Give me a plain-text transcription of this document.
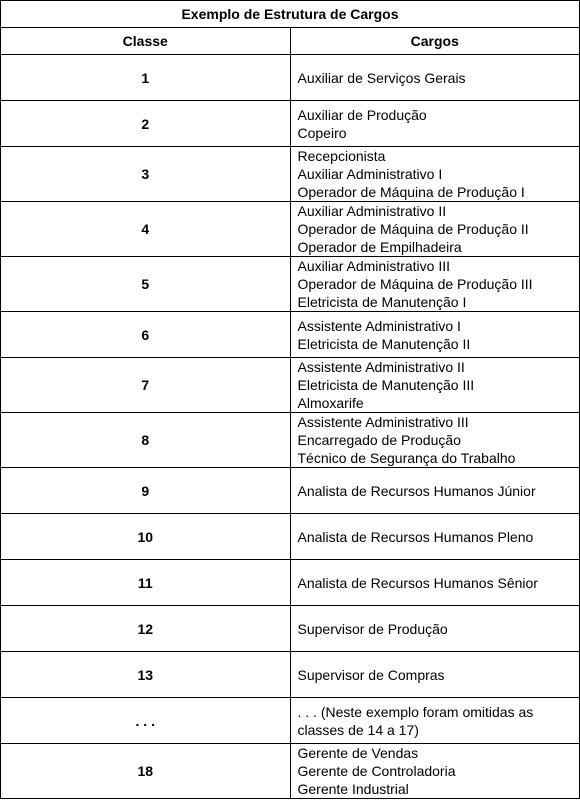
Exemplo de Estrutura de Cargos	
Classe	Cargos
1	Auxiliar de Serviços Gerais

2	Auxiliar de Produção
Copeiro

3	Recepcionista
Auxiliar Administrativo I
Operador de Máquina de Produção I

4	Auxiliar Administrativo II
Operador de Máquina de Produção II
Operador de Empilhadeira

5	Auxiliar Administrativo III
Operador de Máquina de Produção III
Eletricista de Manutenção I

6	Assistente Administrativo I
Eletricista de Manutenção II

7	Assistente Administrativo II
Eletricista de Manutenção III
Almoxarife

8	Assistente Administrativo III
Encarregado de Produção
Técnico de Segurança do Trabalho

9	Analista de Recursos Humanos Júnior

10	Analista de Recursos Humanos Pleno

11	Analista de Recursos Humanos Sênior

12	Supervisor de Produção

13	Supervisor de Compras

. . .	. . . (Neste exemplo foram omitidas as classes de 14 a 17)

18	Gerente de Vendas
Gerente de Controladoria
Gerente Industrial
